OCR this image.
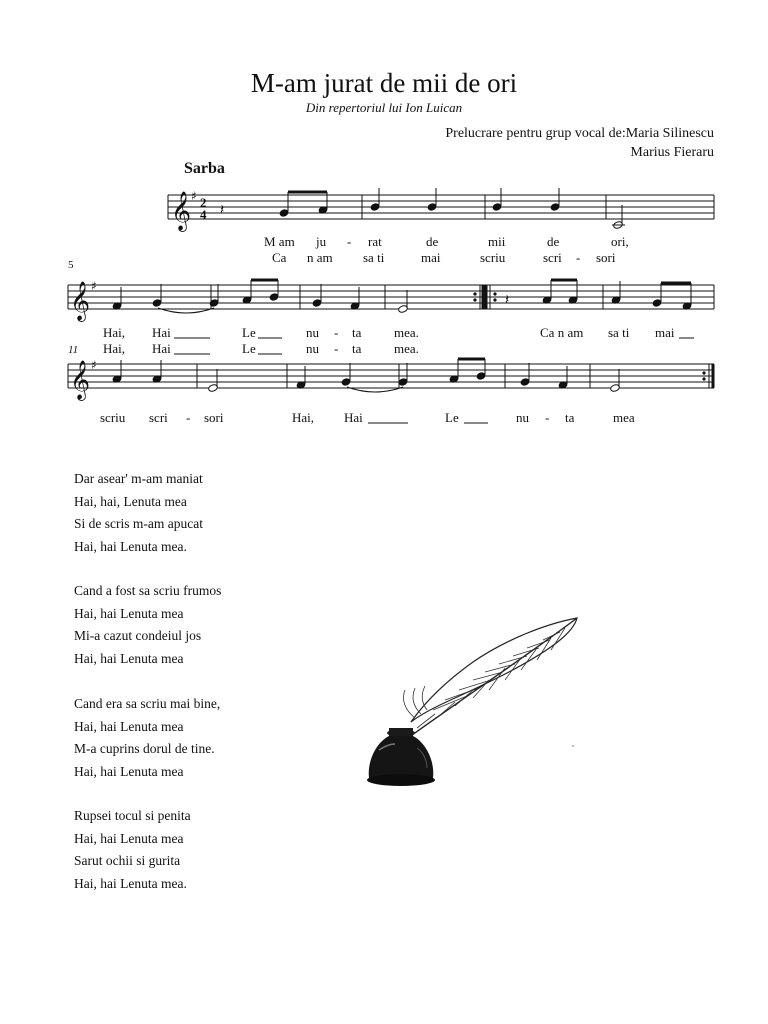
M-am jurat de mii de ori
Din repertoriul lui Ion Luican
Prelucrare pentru grup vocal de:Maria Silinescu
Marius Fieraru
Sarba
𝄞
𝄞
𝄞
♯
♯
♯
2
4
5
11
𝄽
𝄽
M am ju - rat	de	mii	de	ori,
Ca n am sa ti	mai	scriu	scri - sori
Hai, Hai	Le	nu - ta	mea.	Ca n am sa ti mai
Hai, Hai	Le	nu - ta	mea.
scriu scri - sori	Hai, Hai	Le	nu - ta	mea
Dar asear' m-am maniat
Hai, hai, Lenuta mea
Si de scris m-am apucat
Hai, hai Lenuta mea.
Cand a fost sa scriu frumos
Hai, hai Lenuta mea
Mi-a cazut condeiul jos
Hai, hai Lenuta mea
Cand era sa scriu mai bine,
Hai, hai Lenuta mea
M-a cuprins dorul de tine.
Hai, hai Lenuta mea
Rupsei tocul si penita
Hai, hai Lenuta mea
Sarut ochii si gurita
Hai, hai Lenuta mea.
